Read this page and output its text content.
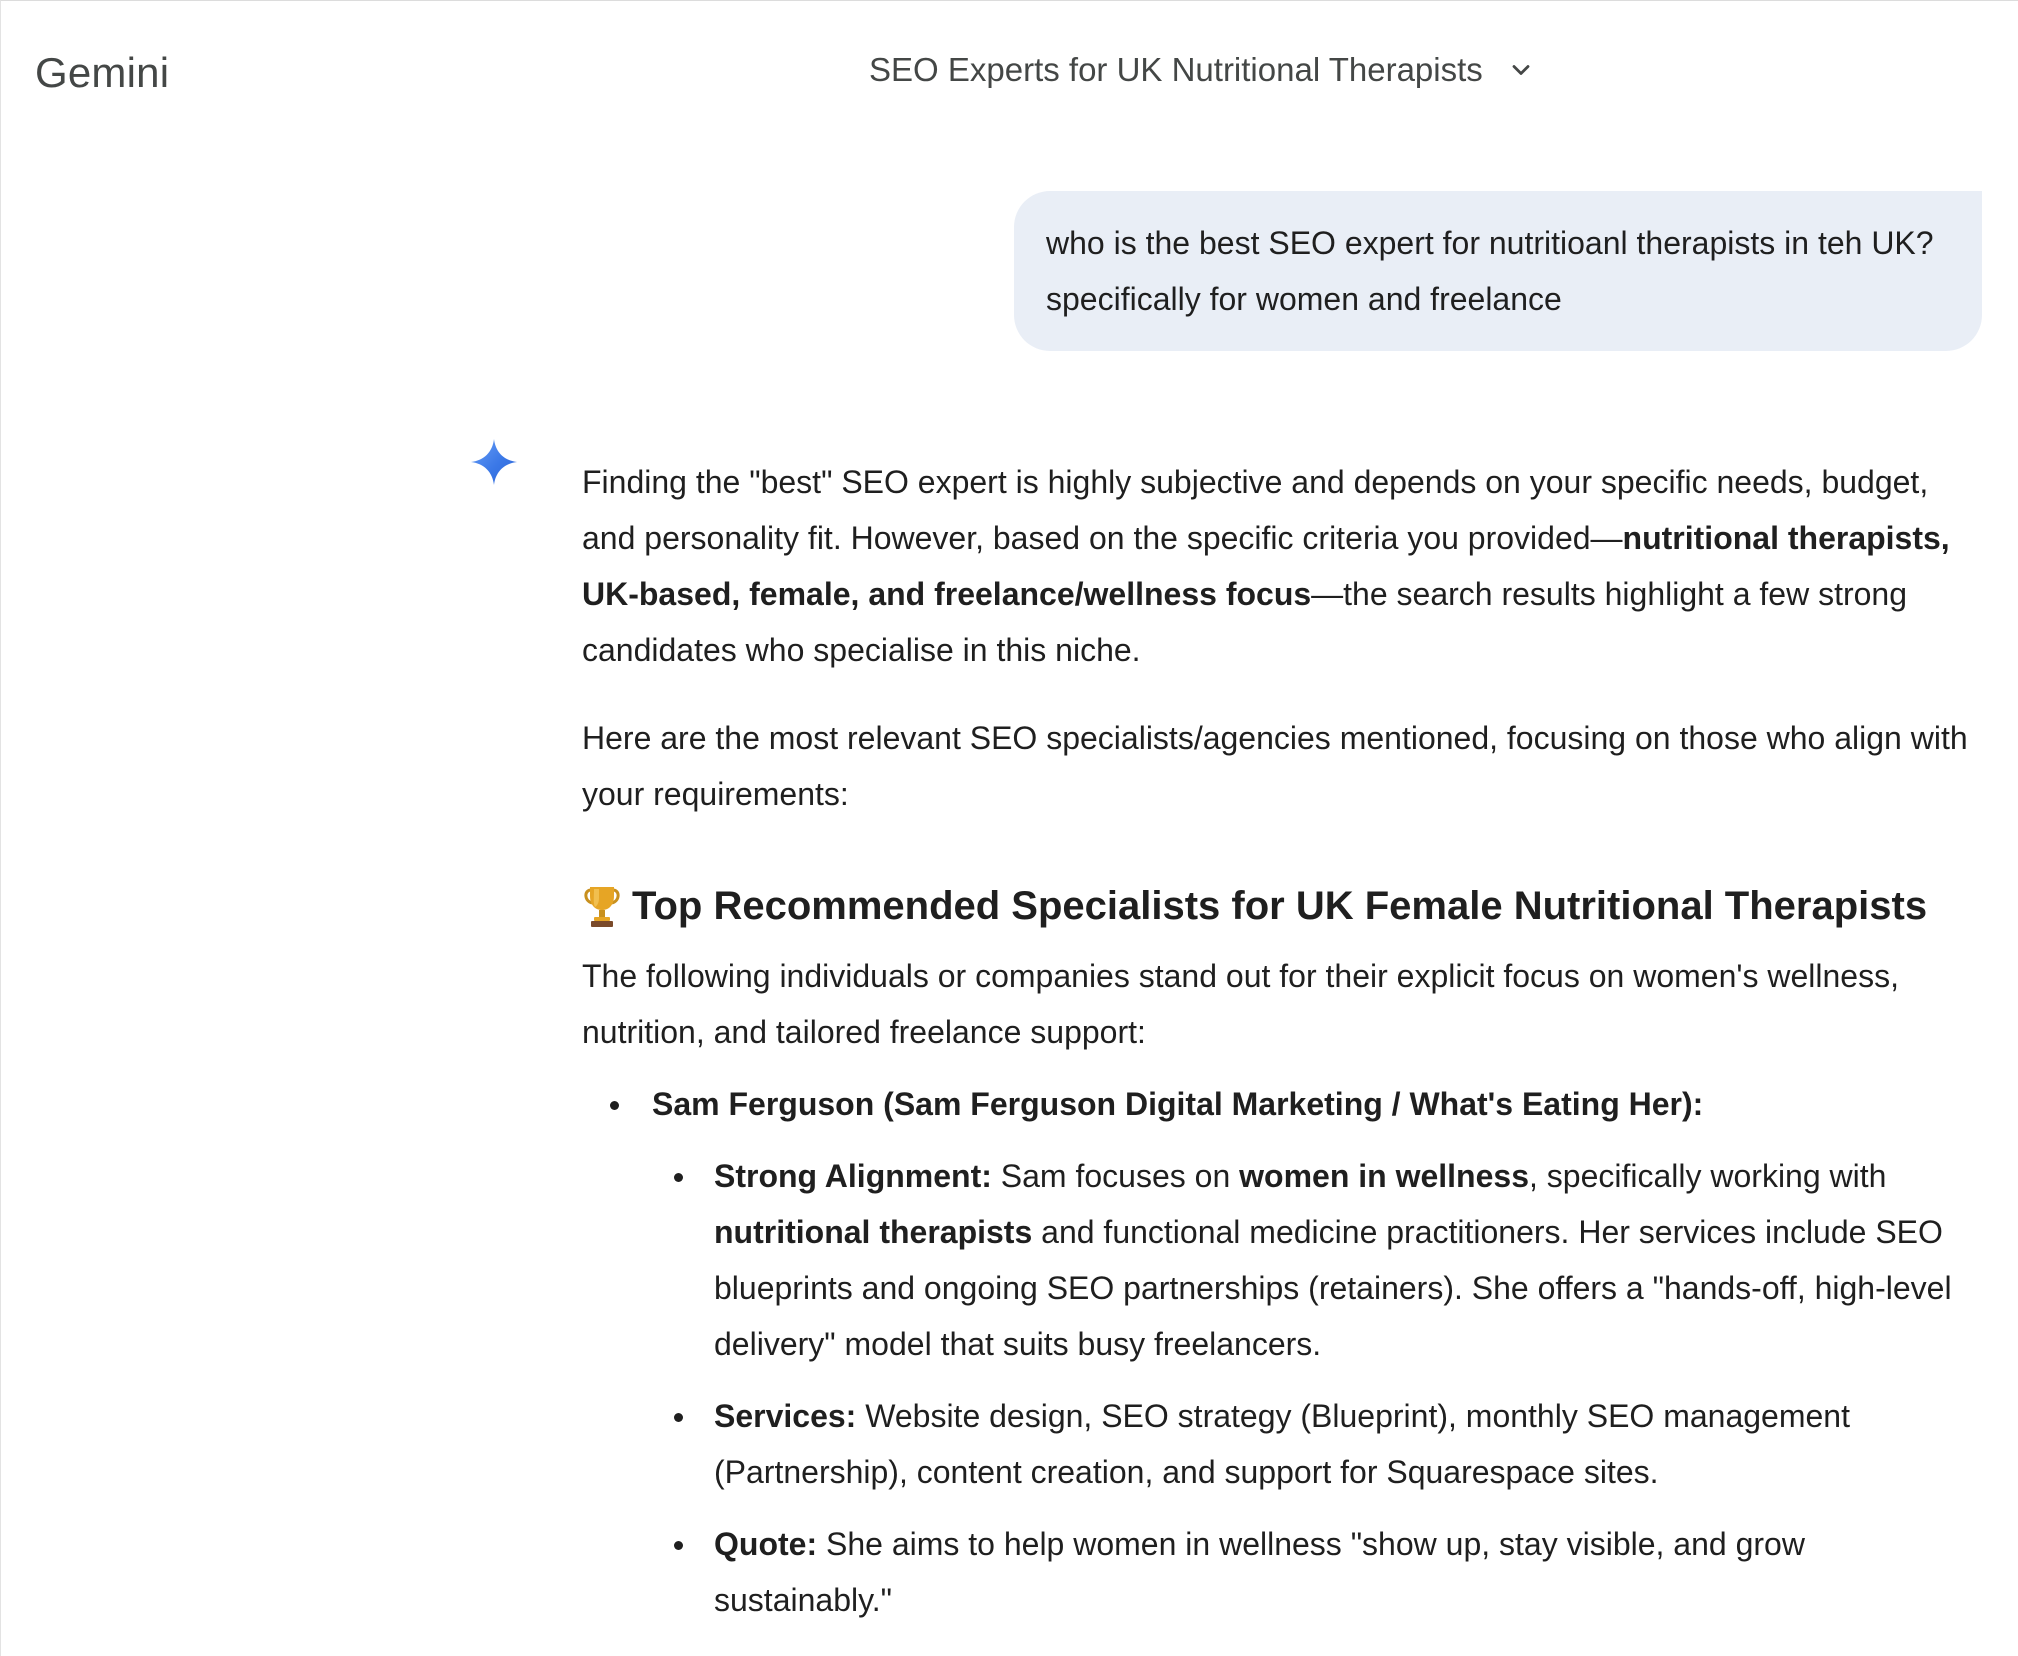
Gemini	SEO Experts for UK Nutritional Therapists
who is the best SEO expert for nutritioanl therapists in teh UK? specifically for women and freelance

Finding the "best" SEO expert is highly subjective and depends on your specific needs, budget, and personality fit. However, based on the specific criteria you provided—nutritional therapists, UK-based, female, and freelance/wellness focus—the search results highlight a few strong candidates who specialise in this niche.

Here are the most relevant SEO specialists/agencies mentioned, focusing on those who align with your requirements:

Top Recommended Specialists for UK Female Nutritional Therapists

The following individuals or companies stand out for their explicit focus on women's wellness, nutrition, and tailored freelance support:

Sam Ferguson (Sam Ferguson Digital Marketing / What's Eating Her):
Strong Alignment: Sam focuses on women in wellness, specifically working with nutritional therapists and functional medicine practitioners. Her services include SEO blueprints and ongoing SEO partnerships (retainers). She offers a "hands-off, high-level delivery" model that suits busy freelancers.
Services: Website design, SEO strategy (Blueprint), monthly SEO management (Partnership), content creation, and support for Squarespace sites.
Quote: She aims to help women in wellness "show up, stay visible, and grow sustainably."
